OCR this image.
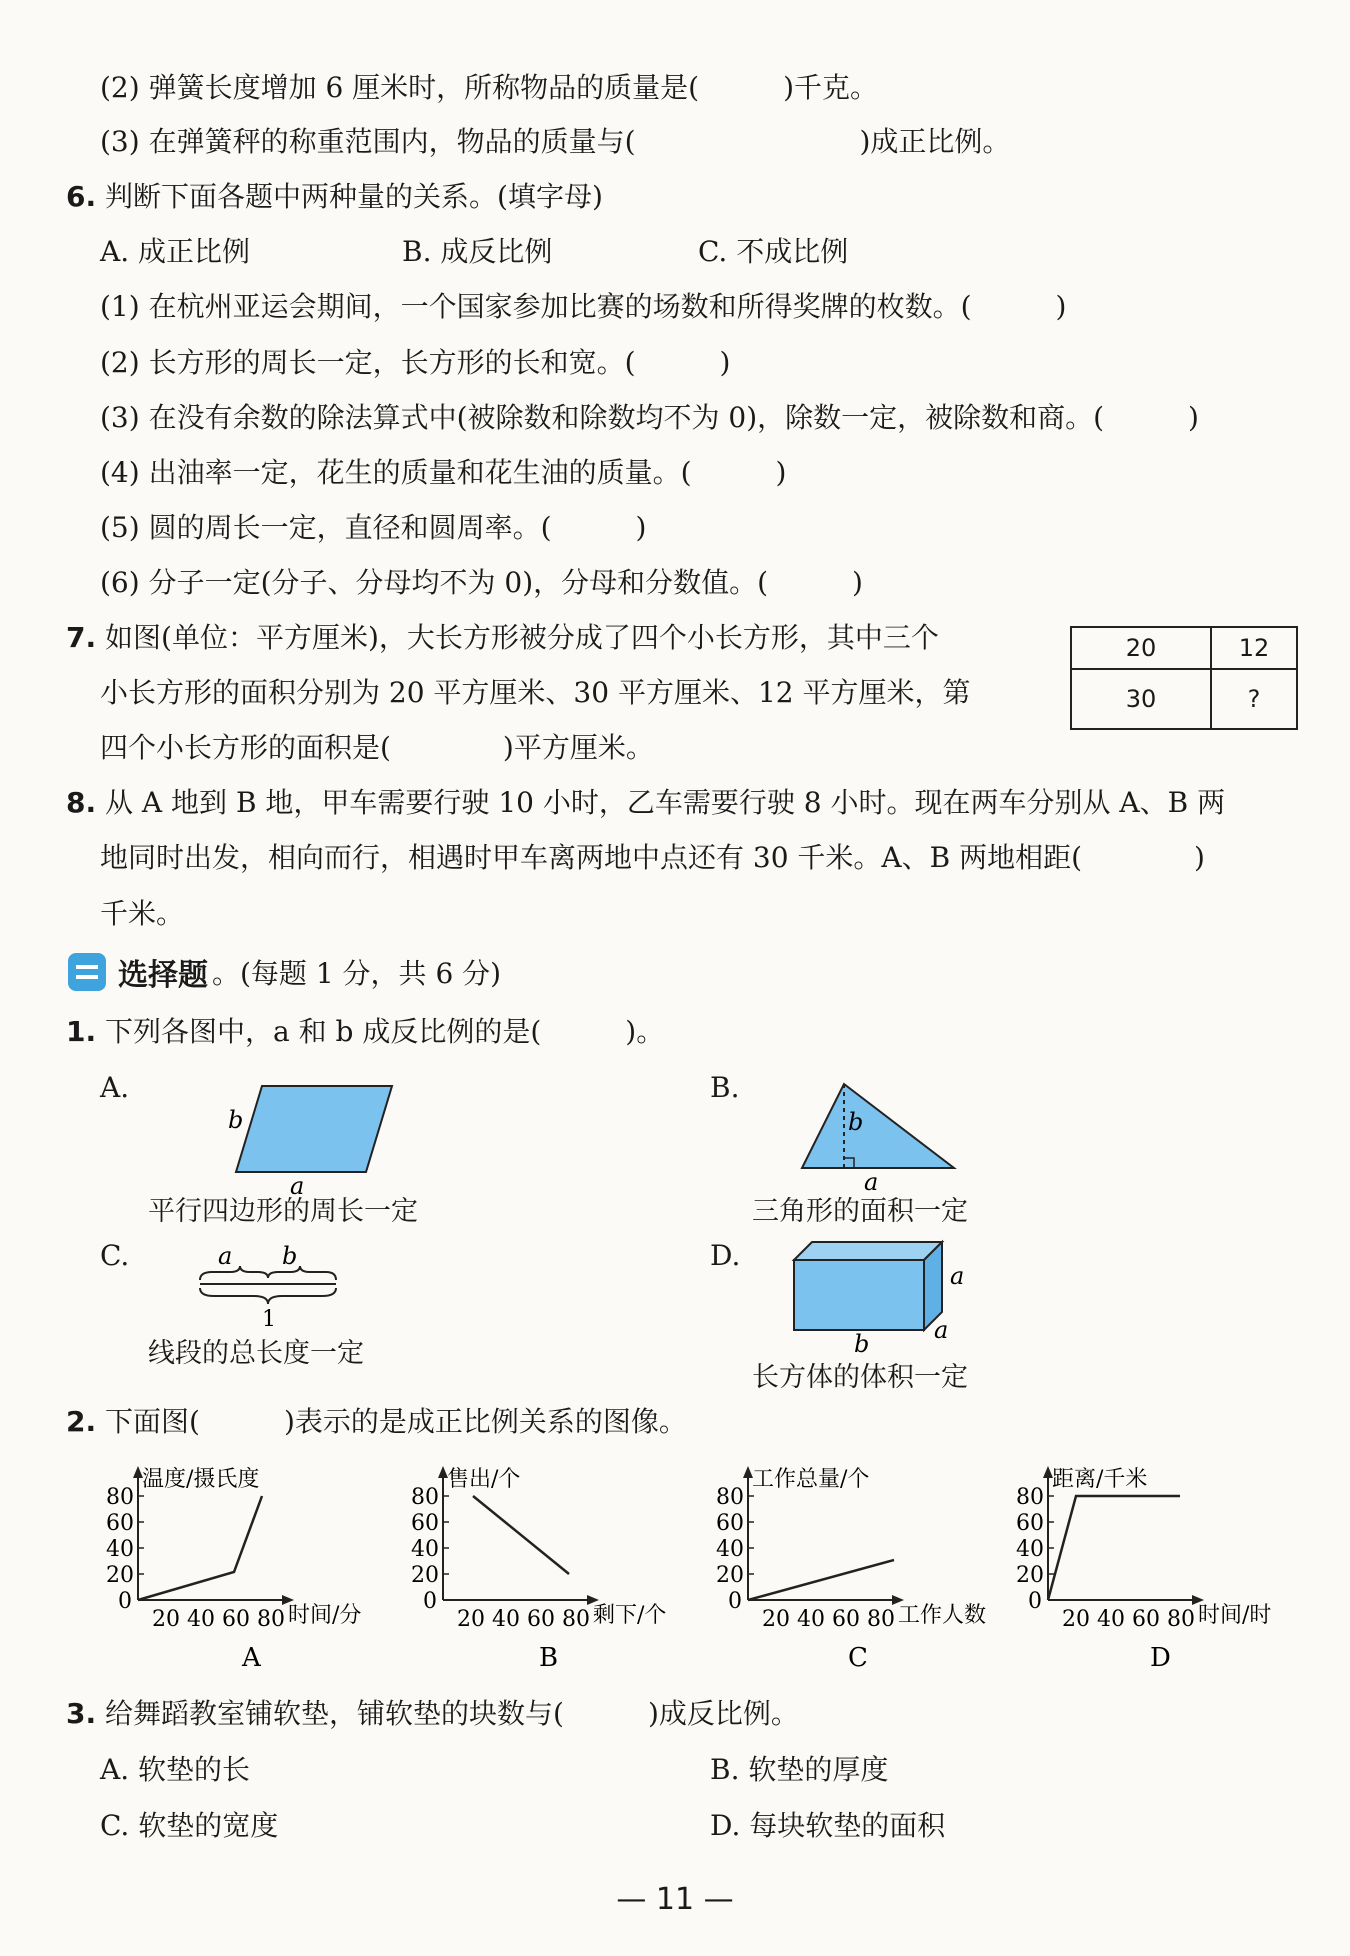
(2) 弹簧长度增加 6 厘米时，所称物品的质量是(　　　)千克。
(3) 在弹簧秤的称重范围内，物品的质量与(　　　　　　　　)成正比例。
6. 判断下面各题中两种量的关系。(填字母)
A. 成正比例	B. 成反比例	C. 不成比例
(1) 在杭州亚运会期间，一个国家参加比赛的场数和所得奖牌的枚数。(　　　)
(2) 长方形的周长一定，长方形的长和宽。(　　　)
(3) 在没有余数的除法算式中(被除数和除数均不为 0)，除数一定，被除数和商。(　　　)
(4) 出油率一定，花生的质量和花生油的质量。(　　　)
(5) 圆的周长一定，直径和圆周率。(　　　)
(6) 分子一定(分子、分母均不为 0)，分母和分数值。(　　　)
7. 如图(单位：平方厘米)，大长方形被分成了四个小长方形，其中三个
小长方形的面积分别为 20 平方厘米、30 平方厘米、12 平方厘米，第
四个小长方形的面积是(　　　　)平方厘米。
20	12
30	?
8. 从 A 地到 B 地，甲车需要行驶 10 小时，乙车需要行驶 8 小时。现在两车分别从 A、B 两
地同时出发，相向而行，相遇时甲车离两地中点还有 30 千米。A、B 两地相距(　　　　)
千米。
选择题 。(每题 1 分，共 6 分)
1. 下列各图中，a 和 b 成反比例的是(　　　)。
A.
b
a
平行四边形的周长一定
B.
b
a
三角形的面积一定
C.	a b
1
线段的总长度一定
D.
a
a
b
长方体的体积一定
2. 下面图(　　　)表示的是成正比例关系的图像。
温度/摄氏度
时间/分
A
80
60
40
20
0
20 40 60 80
售出/个
剩下/个
B
80
60
40
20
0
20 40 60 80
工作总量/个
工作人数
C
80
60
40
20
0
20 40 60 80
距离/千米
时间/时
D
80
60
40
20
0
20 40 60 80
3. 给舞蹈教室铺软垫，铺软垫的块数与(　　　)成反比例。
A. 软垫的长	B. 软垫的厚度
C. 软垫的宽度	D. 每块软垫的面积
— 11 —
